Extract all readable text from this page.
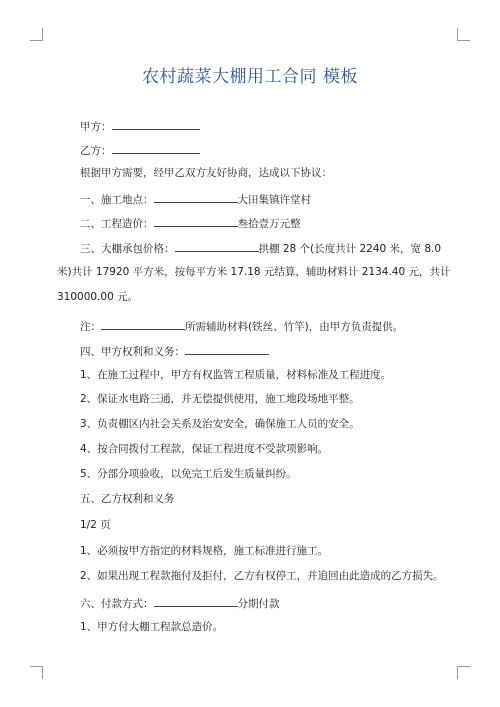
农村蔬菜大棚用工合同 模板
甲方：
乙方：
根据甲方需要，经甲乙双方友好协商，达成以下协议：
一、施工地点：	大田集镇许堂村
二、工程造价：	叁拾壹万元整
三、大棚承包价格：	拱棚 28 个(长度共计 2240 米，宽 8.0
米)共计 17920 平方米，按每平方米 17.18 元结算，辅助材料计 2134.40 元，共计
310000.00 元。
注：	所需辅助材料(铁丝、竹竿)，由甲方负责提供。
四、甲方权利和义务：
1、在施工过程中，甲方有权监管工程质量，材料标准及工程进度。
2、保证水电路三通，并无偿提供使用，施工地段场地平整。
3、负责棚区内社会关系及治安安全，确保施工人员的安全。
4、按合同拨付工程款，保证工程进度不受款项影响。
5、分部分项验收，以免完工后发生质量纠纷。
五、乙方权利和义务
1/2 页
1、必须按甲方指定的材料规格，施工标准进行施工。
2、如果出现工程款拖付及拒付，乙方有权停工，并追回由此造成的乙方损失。
六、付款方式：	分期付款
1、甲方付大棚工程款总造价。
